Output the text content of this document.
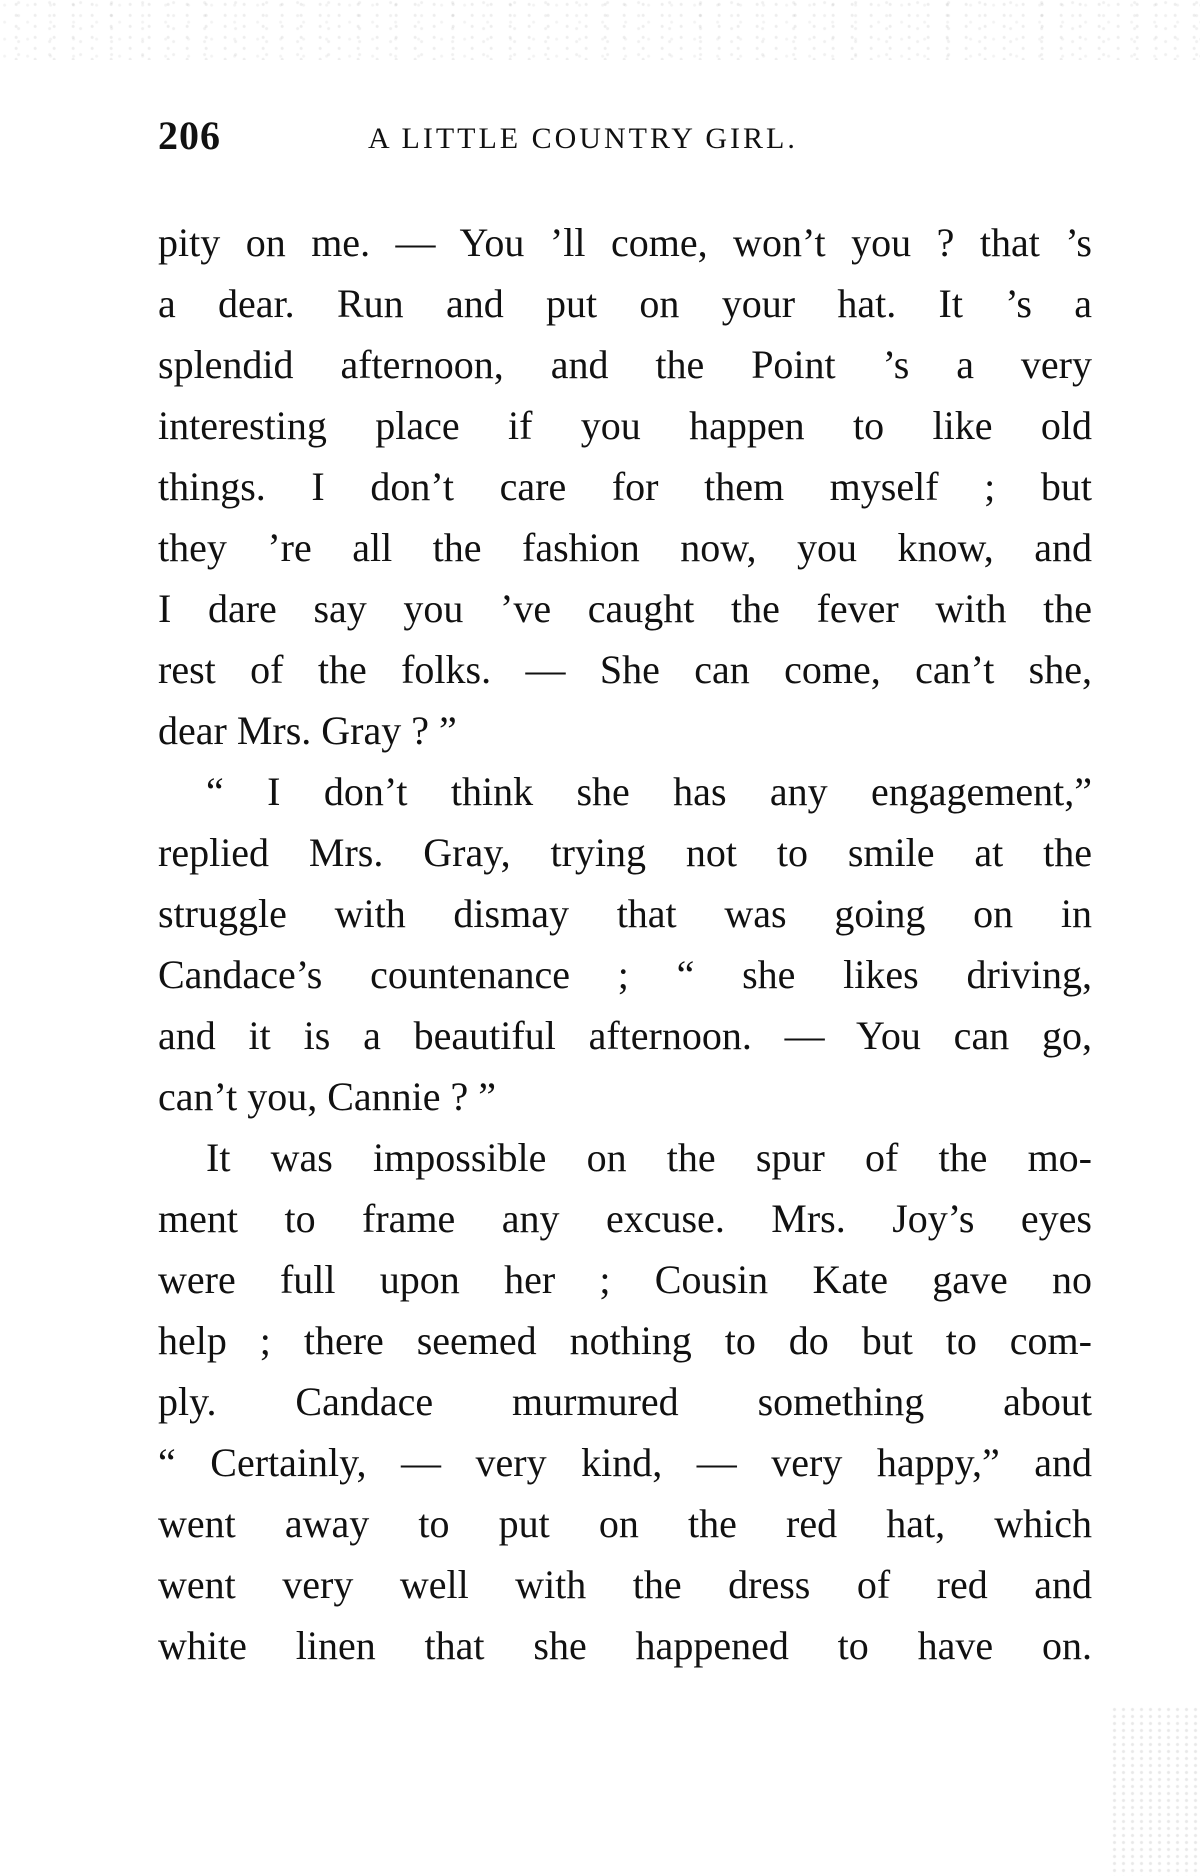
206	A LITTLE COUNTRY GIRL.
pity on me. — You ’ll come, won’t you ? that ’s
a dear. Run and put on your hat. It ’s a
splendid afternoon, and the Point ’s a very
interesting place if you happen to like old
things. I don’t care for them myself ; but
they ’re all the fashion now, you know, and
I dare say you ’ve caught the fever with the
rest of the folks. — She can come, can’t she,
dear Mrs. Gray ? ”
“ I don’t think she has any engagement,”
replied Mrs. Gray, trying not to smile at the
struggle with dismay that was going on in
Candace’s countenance ; “ she likes driving,
and it is a beautiful afternoon. — You can go,
can’t you, Cannie ? ”
It was impossible on the spur of the mo-
ment to frame any excuse. Mrs. Joy’s eyes
were full upon her ; Cousin Kate gave no
help ; there seemed nothing to do but to com-
ply. Candace murmured something about
“ Certainly, — very kind, — very happy,” and
went away to put on the red hat, which
went very well with the dress of red and
white linen that she happened to have on.
